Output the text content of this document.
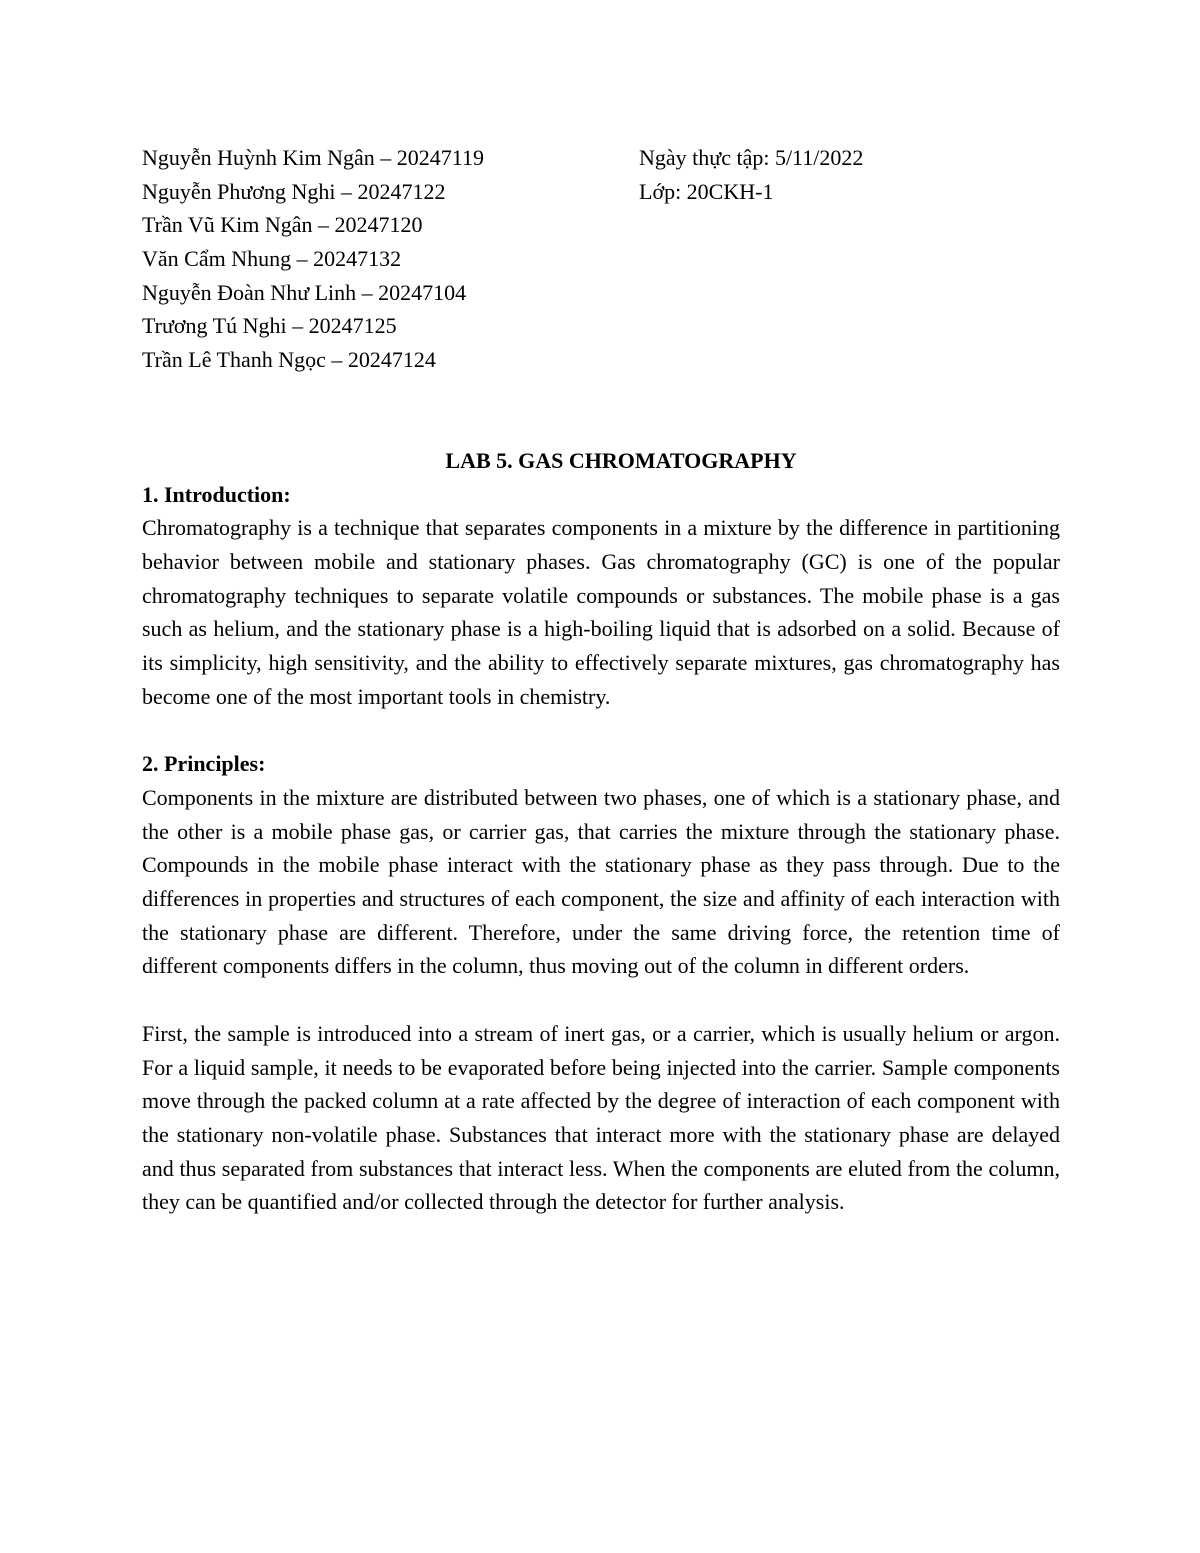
Nguyễn Huỳnh Kim Ngân – 20247119
Nguyễn Phương Nghi – 20247122
Trần Vũ Kim Ngân – 20247120
Văn Cẩm Nhung – 20247132
Nguyễn Đoàn Như Linh – 20247104
Trương Tú Nghi – 20247125
Trần Lê Thanh Ngọc – 20247124
Ngày thực tập: 5/11/2022
Lớp: 20CKH-1
LAB 5. GAS CHROMATOGRAPHY
1. Introduction:

Chromatography is a technique that separates components in a mixture by the difference in partitioning behavior between mobile and stationary phases. Gas chromatography (GC) is one of the popular chromatography techniques to separate volatile compounds or substances. The mobile phase is a gas such as helium, and the stationary phase is a high-boiling liquid that is adsorbed on a solid. Because of its simplicity, high sensitivity, and the ability to effectively separate mixtures, gas chromatography has become one of the most important tools in chemistry.

2. Principles:

Components in the mixture are distributed between two phases, one of which is a stationary phase, and the other is a mobile phase gas, or carrier gas, that carries the mixture through the stationary phase. Compounds in the mobile phase interact with the stationary phase as they pass through. Due to the differences in properties and structures of each component, the size and affinity of each interaction with the stationary phase are different. Therefore, under the same driving force, the retention time of different components differs in the column, thus moving out of the column in different orders.

First, the sample is introduced into a stream of inert gas, or a carrier, which is usually helium or argon. For a liquid sample, it needs to be evaporated before being injected into the carrier. Sample components move through the packed column at a rate affected by the degree of interaction of each component with the stationary non-volatile phase. Substances that interact more with the stationary phase are delayed and thus separated from substances that interact less. When the components are eluted from the column, they can be quantified and/or collected through the detector for further analysis.
